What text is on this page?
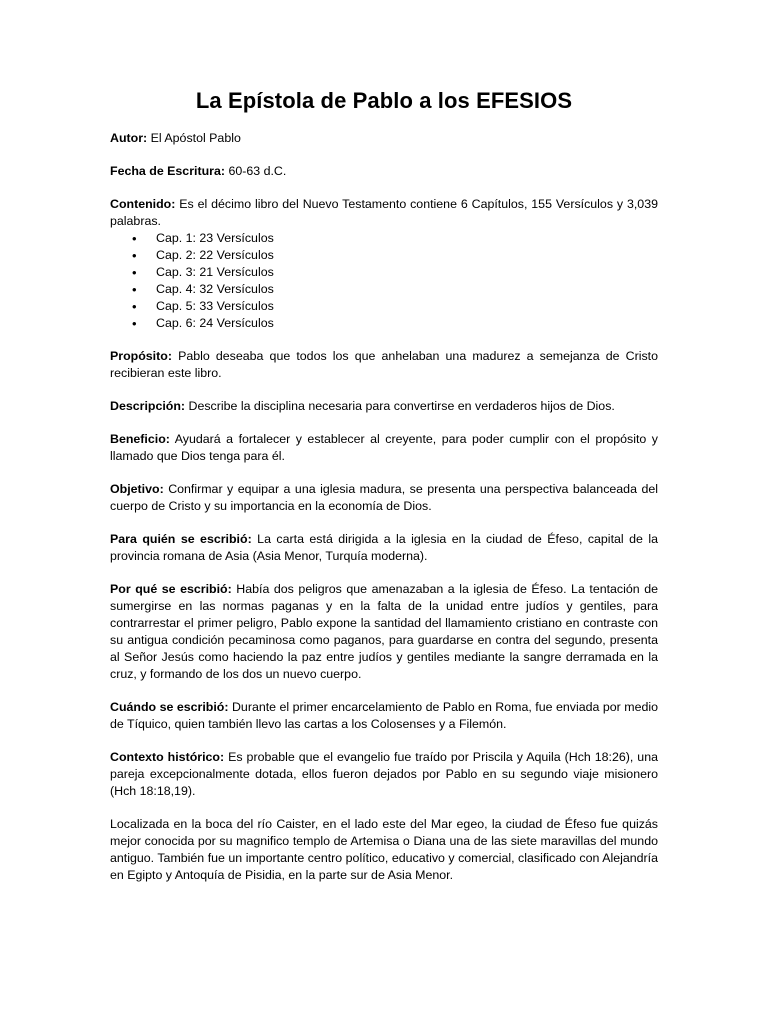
La Epístola de Pablo a los EFESIOS

Autor: El Apóstol Pablo

Fecha de Escritura: 60-63 d.C.

Contenido: Es el décimo libro del Nuevo Testamento contiene 6 Capítulos, 155 Versículos y 3,039 palabras.

• Cap. 1: 23 Versículos
• Cap. 2: 22 Versículos
• Cap. 3: 21 Versículos
• Cap. 4: 32 Versículos
• Cap. 5: 33 Versículos
• Cap. 6: 24 Versículos

Propósito: Pablo deseaba que todos los que anhelaban una madurez a semejanza de Cristo recibieran este libro.

Descripción: Describe la disciplina necesaria para convertirse en verdaderos hijos de Dios.

Beneficio: Ayudará a fortalecer y establecer al creyente, para poder cumplir con el propósito y llamado que Dios tenga para él.

Objetivo: Confirmar y equipar a una iglesia madura, se presenta una perspectiva balanceada del cuerpo de Cristo y su importancia en la economía de Dios.

Para quién se escribió: La carta está dirigida a la iglesia en la ciudad de Éfeso, capital de la provincia romana de Asia (Asia Menor, Turquía moderna).

Por qué se escribió: Había dos peligros que amenazaban a la iglesia de Éfeso. La tentación de sumergirse en las normas paganas y en la falta de la unidad entre judíos y gentiles, para contrarrestar el primer peligro, Pablo expone la santidad del llamamiento cristiano en contraste con su antigua condición pecaminosa como paganos, para guardarse en contra del segundo, presenta al Señor Jesús como haciendo la paz entre judíos y gentiles mediante la sangre derramada en la cruz, y formando de los dos un nuevo cuerpo.

Cuándo se escribió: Durante el primer encarcelamiento de Pablo en Roma, fue enviada por medio de Tíquico, quien también llevo las cartas a los Colosenses y a Filemón.

Contexto histórico: Es probable que el evangelio fue traído por Priscila y Aquila (Hch 18:26), una pareja excepcionalmente dotada, ellos fueron dejados por Pablo en su segundo viaje misionero (Hch 18:18,19).

Localizada en la boca del río Caister, en el lado este del Mar egeo, la ciudad de Éfeso fue quizás mejor conocida por su magnifico templo de Artemisa o Diana una de las siete maravillas del mundo antiguo. También fue un importante centro político, educativo y comercial, clasificado con Alejandría en Egipto y Antoquía de Pisidia, en la parte sur de Asia Menor.
